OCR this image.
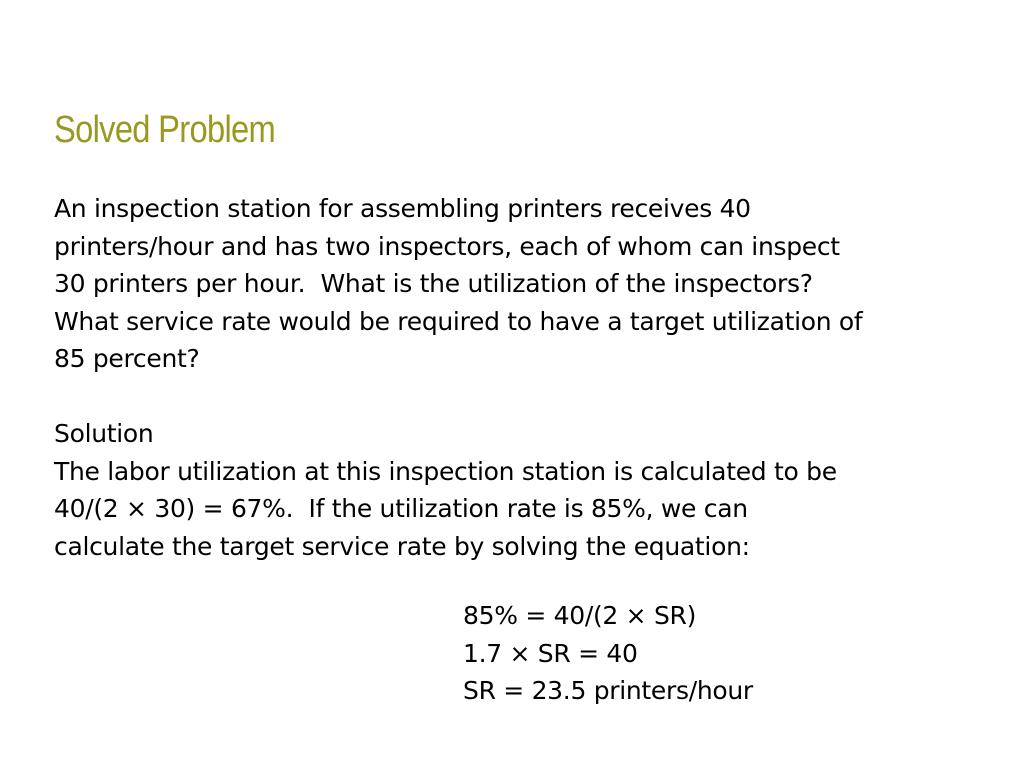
Solved Problem
An inspection station for assembling printers receives 40
printers/hour and has two inspectors, each of whom can inspect
30 printers per hour.  What is the utilization of the inspectors?
What service rate would be required to have a target utilization of
85 percent?
Solution
The labor utilization at this inspection station is calculated to be
40/(2 × 30) = 67%.  If the utilization rate is 85%, we can
calculate the target service rate by solving the equation:
85% = 40/(2 × SR)
1.7 × SR = 40
SR = 23.5 printers/hour
